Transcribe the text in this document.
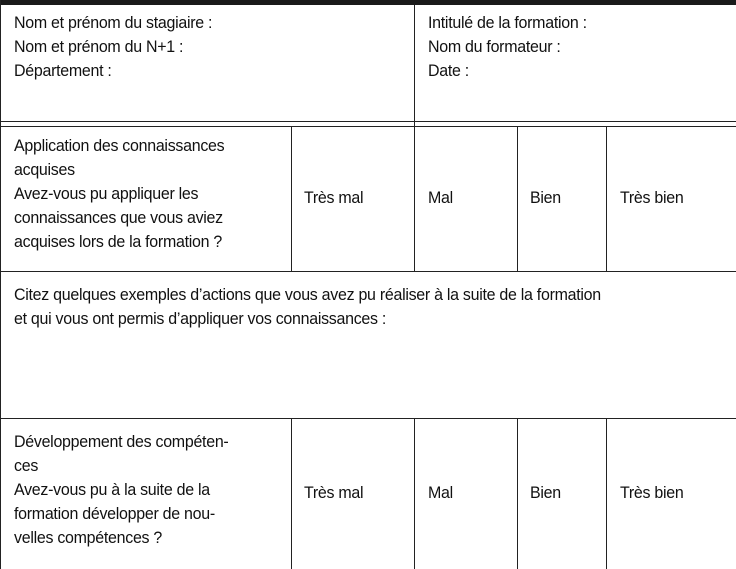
Nom et prénom du stagiaire :
Nom et prénom du N+1 :
Département :
Intitulé de la formation :
Nom du formateur :
Date :
Application des connaissances
acquises
Avez-vous pu appliquer les
connaissances que vous aviez
acquises lors de la formation ?
Très mal	Mal	Bien	Très bien
Citez quelques exemples d’actions que vous avez pu réaliser à la suite de la formation
et qui vous ont permis d’appliquer vos connaissances :
Développement des compéten-
ces
Avez-vous pu à la suite de la
formation développer de nou-
velles compétences ?
Très mal	Mal	Bien	Très bien
